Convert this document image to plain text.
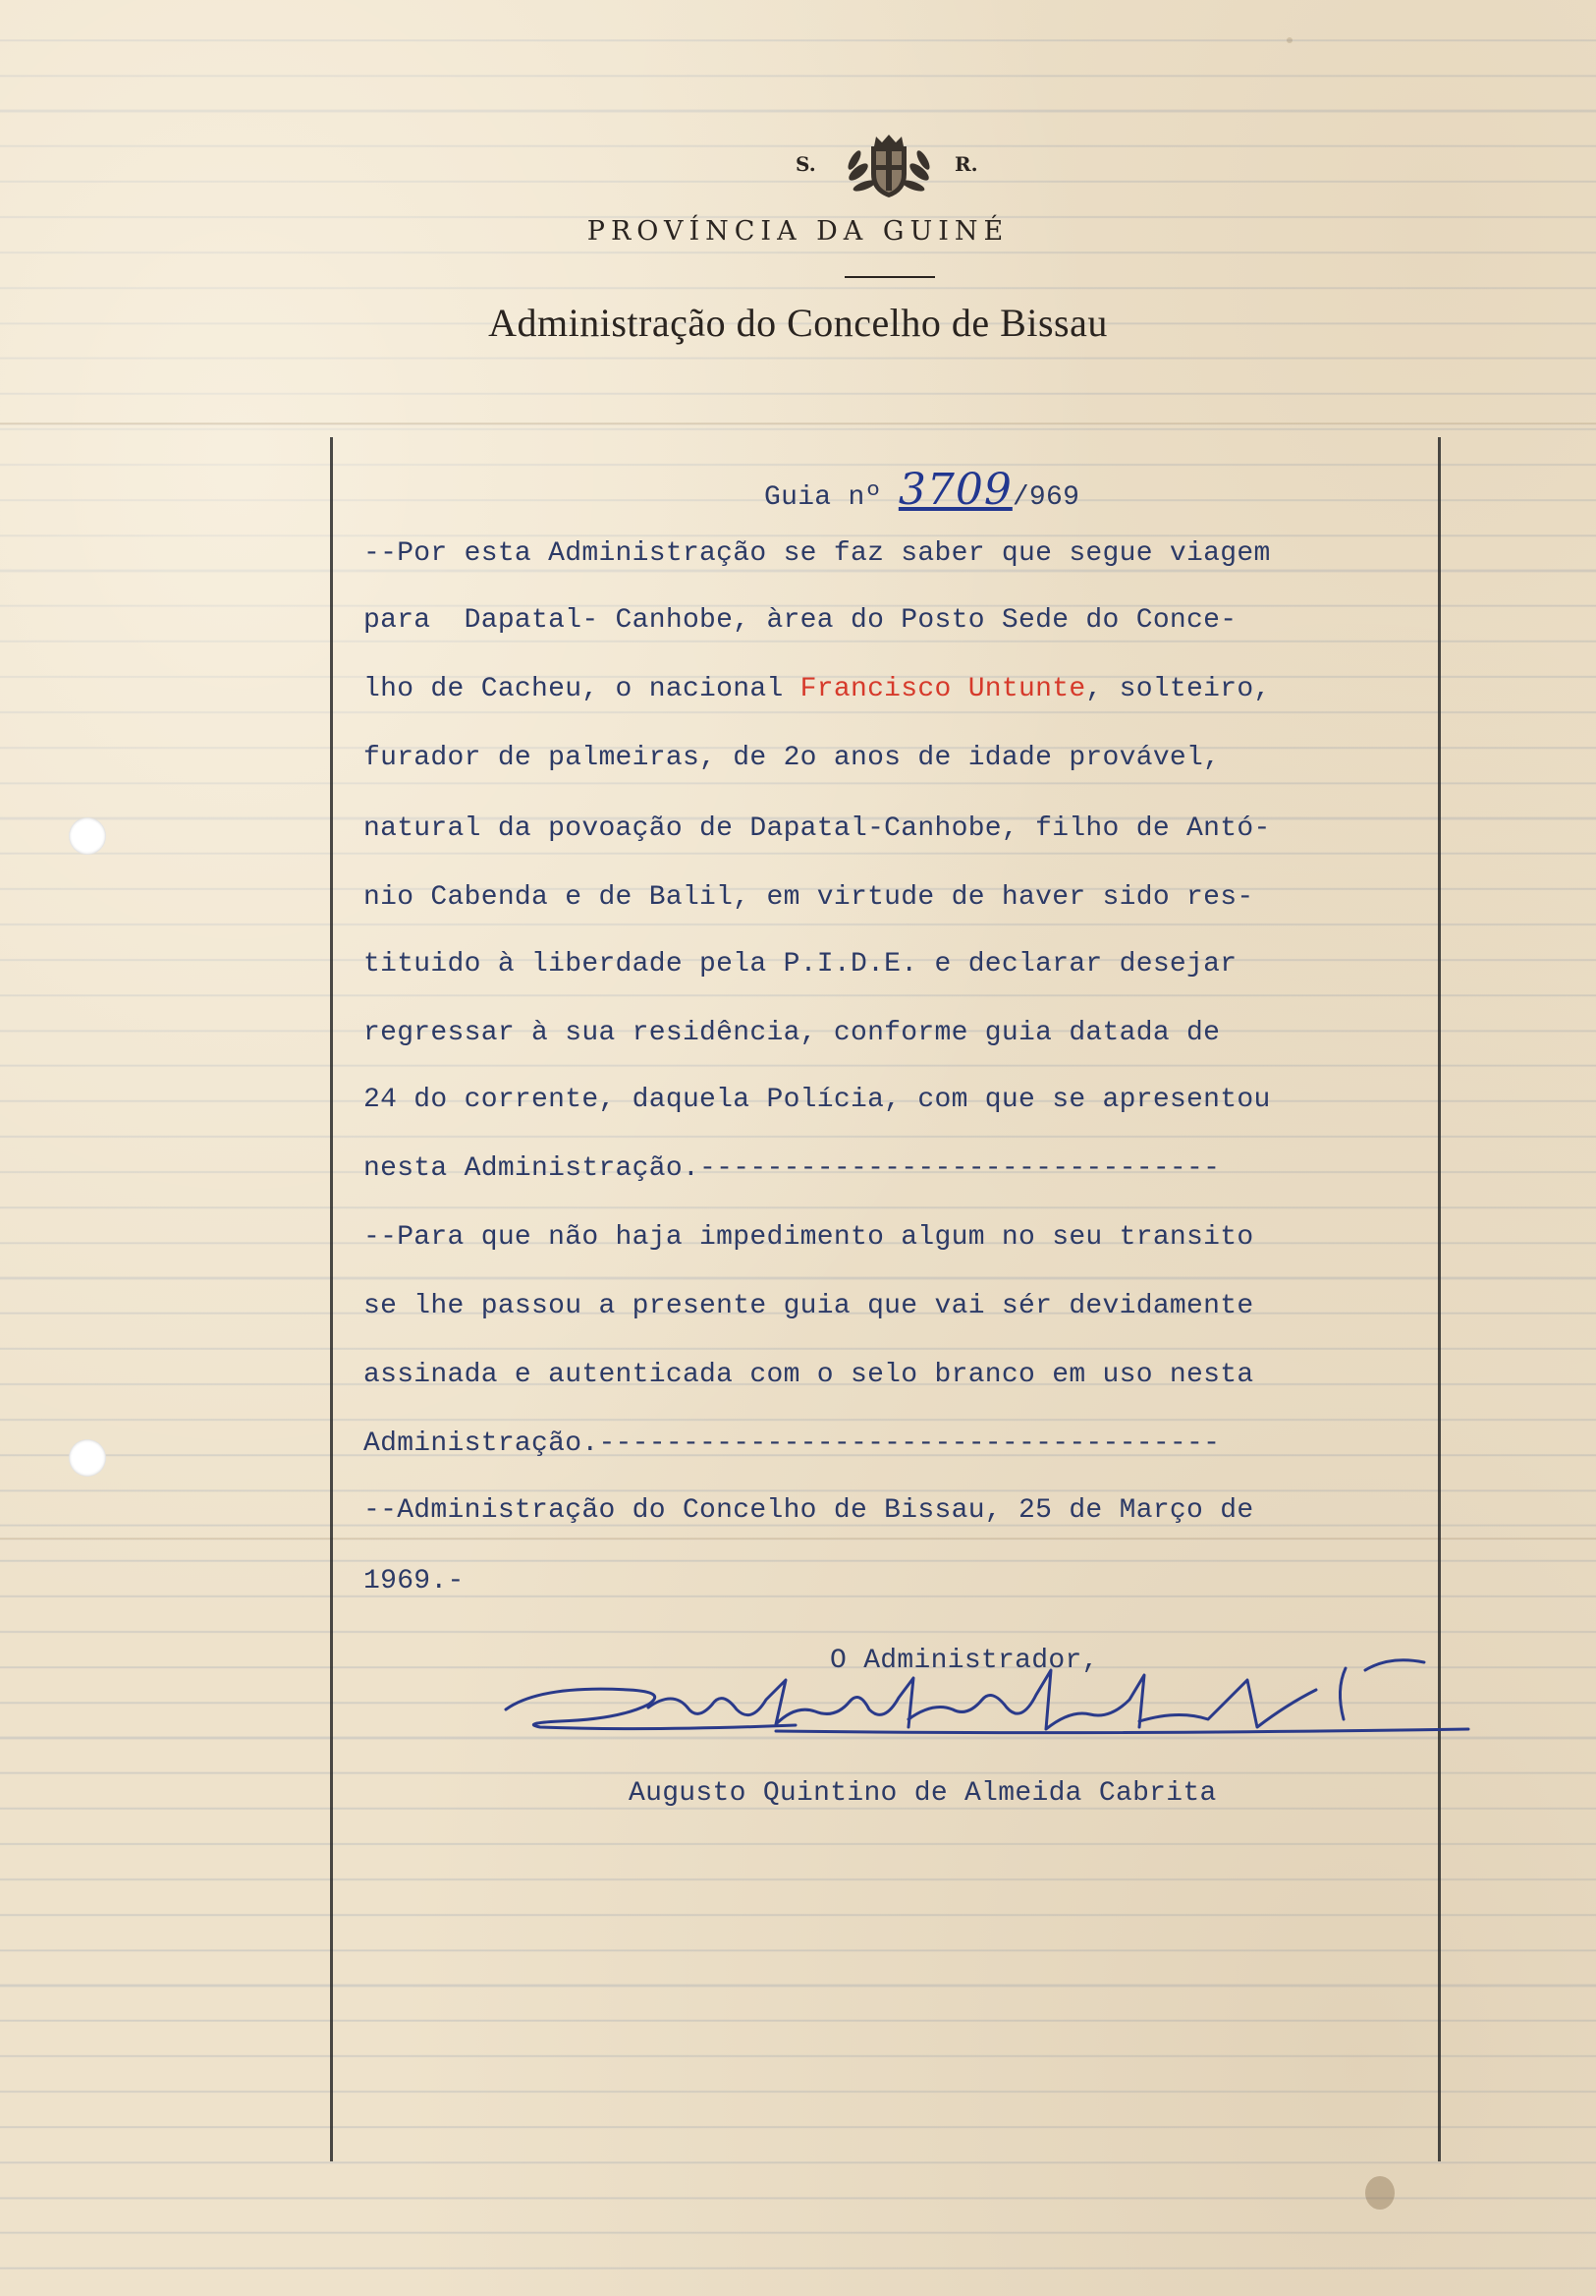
S.	R.
PROVÍNCIA DA GUINÉ
Administração do Concelho de Bissau
Guia nº 3709/969
--Por esta Administração se faz saber que segue viagem
para  Dapatal- Canhobe, àrea do Posto Sede do Conce-
lho de Cacheu, o nacional Francisco Untunte, solteiro,
furador de palmeiras, de 2o anos de idade provável,
natural da povoação de Dapatal-Canhobe, filho de Antó-
nio Cabenda e de Balil, em virtude de haver sido res-
tituido à liberdade pela P.I.D.E. e declarar desejar
regressar à sua residência, conforme guia datada de
24 do corrente, daquela Polícia, com que se apresentou
nesta Administração.-------------------------------
--Para que não haja impedimento algum no seu transito
se lhe passou a presente guia que vai sér devidamente
assinada e autenticada com o selo branco em uso nesta
Administração.-------------------------------------
--Administração do Concelho de Bissau, 25 de Março de
1969.-
O Administrador,
Augusto Quintino de Almeida Cabrita
